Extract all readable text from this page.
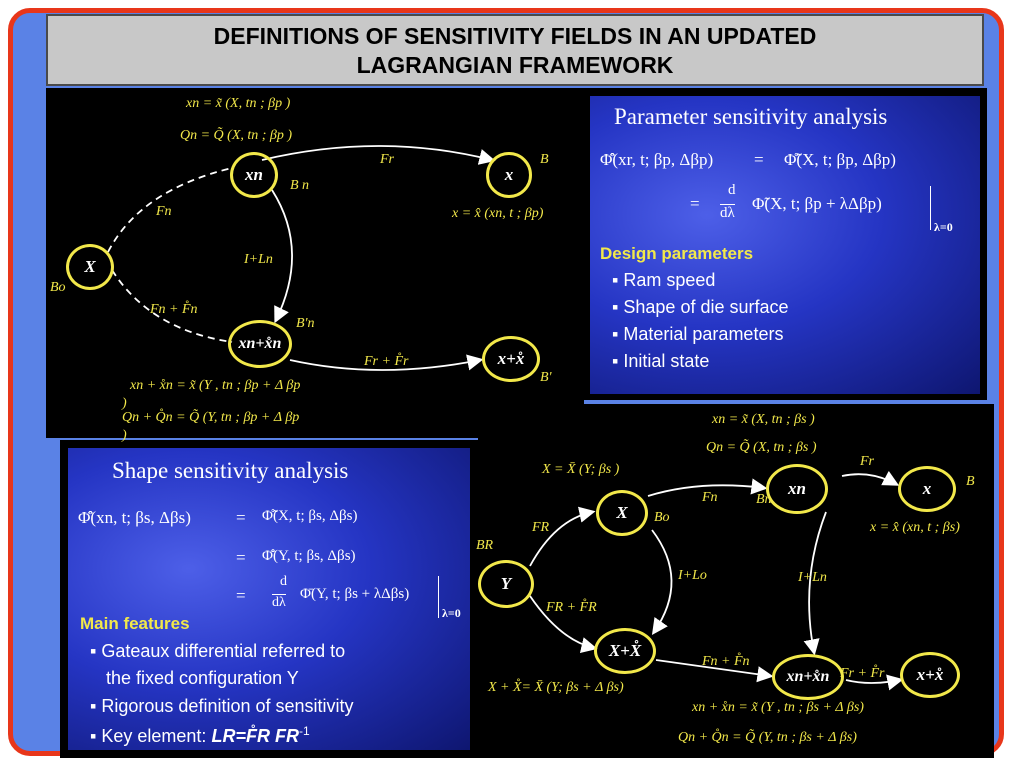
DEFINITIONS OF SENSITIVITY FIELDS IN AN UPDATED
LAGRANGIAN FRAMEWORK
xn = x̃ (X, tn ; βp )
Qn = Q̃ (X, tn ; βp )
xn	x
X
xn+x̊n
x+x̊
Fr	B
B n
Fn	x = x̂ (xn, t ; βp)
I+Ln
Bo
Fn + F̊n
B'n
Fr + F̊r
B'
xn + x̊n = x̃ (Y , tn ; βp + Δ βp
)
Qn + Q̊n = Q̃ (Y, tn ; βp + Δ βp
)
Parameter sensitivity analysis
Φ̊̂(xr, t; βp, Δβp) = Φ̊̃(X, t; βp, Δβp)
=
d
dλ Φ̃(X, t; βp + λΔβp)
λ=0
Design parameters
▪ Ram speed
▪ Shape of die surface
▪ Material parameters
▪ Initial state
Shape sensitivity analysis
Φ̊̂(xn, t; βs, Δβs)	= Φ̊̃(X, t; βs, Δβs)
= Φ̊̄(Y, t; βs, Δβs)
=
d
dλ
Φ̄(Y, t; βs + λΔβs)
λ=0
Main features
▪ Gateaux differential referred to
the fixed configuration Y
▪ Rigorous definition of sensitivity
▪ Key element: LR=F̊R $FR^{-1}$
xn = x̃ (X, tn ; βs )
Qn = Q̃ (X, tn ; βs )
X = X̄ (Y; βs )
Fr
B
X
xn	x
Fn	Bn
FR
Bo
BR
x = x̂ (xn, t ; βs)
Y	I+Lo	I+Ln
FR + F̊R
X+X̊
Fn + F̊n
xn+x̊n Fr + F̊r	x+x̊
X + X̊= X̄ (Y; βs + Δ βs)
xn + x̊n = x̃ (Y , tn ; βs + Δ βs)
Qn + Q̊n = Q̃ (Y, tn ; βs + Δ βs)
